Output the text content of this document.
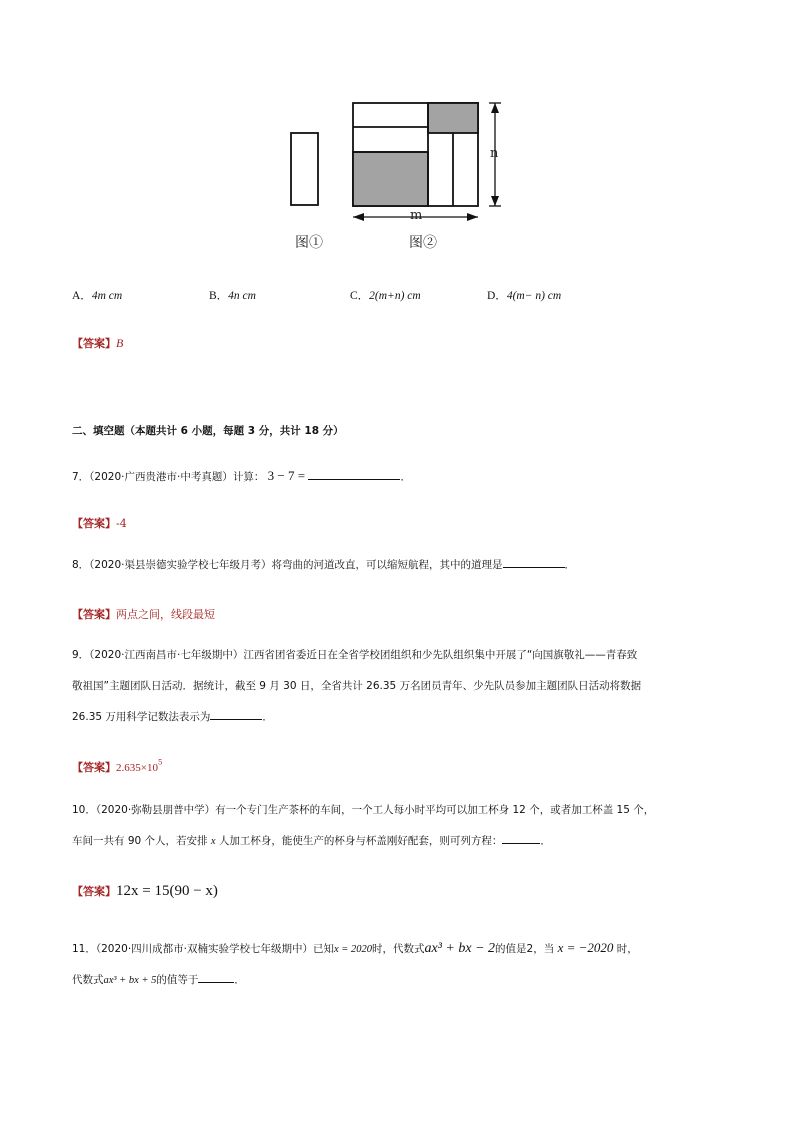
n
m
图①	图②
A．4m cm	B．4n cm	C．2(m+n) cm	D．4(m− n) cm
【答案】B
二、填空题（本题共计 6 小题，每题 3 分，共计 18 分）
7．（2020·广西贵港市·中考真题）计算： 3 − 7 =	．
【答案】-4
8．（2020·渠县崇德实验学校七年级月考）将弯曲的河道改直，可以缩短航程，其中的道理是	．
【答案】两点之间，线段最短
9．（2020·江西南昌市·七年级期中）江西省团省委近日在全省学校团组织和少先队组织集中开展了“向国旗敬礼——青春致
敬祖国”主题团队日活动．据统计，截至 9 月 30 日，全省共计 26.35 万名团员青年、少先队员参加主题团队日活动将数据
26.35 万用科学记数法表示为	．
【答案】$2.635\times 10^5$
10．（2020·弥勒县朋普中学）有一个专门生产茶杯的车间，一个工人每小时平均可以加工杯身 12 个，或者加工杯盖 15 个，
车间一共有 90 个人，若安排 x 人加工杯身，能使生产的杯身与杯盖刚好配套，则可列方程：	．
【答案】12x = 15(90 − x)
11．（2020·四川成都市·双楠实验学校七年级期中）已知x = 2020时，代数式ax³ + bx − 2的值是2，当 x = −2020 时，
代数式ax³ + bx + 5的值等于	．
